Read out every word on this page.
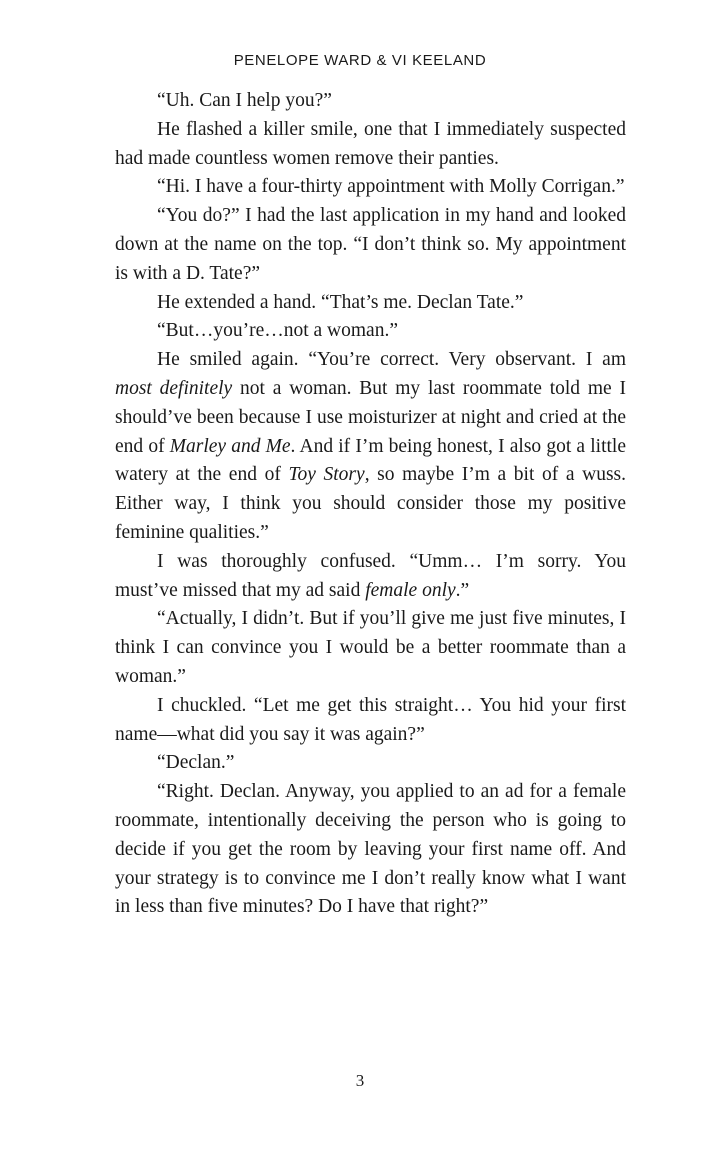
PENELOPE WARD & VI KEELAND

“Uh. Can I help you?”

He flashed a killer smile, one that I immediately suspected had made countless women remove their panties.

“Hi. I have a four-thirty appointment with Molly Corrigan.”

“You do?” I had the last application in my hand and looked down at the name on the top. “I don’t think so. My appointment is with a D. Tate?”

He extended a hand. “That’s me. Declan Tate.”

“But…you’re…not a woman.”

He smiled again. “You’re correct. Very observant. I am most definitely not a woman. But my last roommate told me I should’ve been because I use moisturizer at night and cried at the end of Marley and Me. And if I’m being honest, I also got a little watery at the end of Toy Story, so maybe I’m a bit of a wuss. Either way, I think you should consider those my positive feminine qualities.”

I was thoroughly confused. “Umm… I’m sorry. You must’ve missed that my ad said female only.”

“Actually, I didn’t. But if you’ll give me just five minutes, I think I can convince you I would be a better roommate than a woman.”

I chuckled. “Let me get this straight… You hid your first name—what did you say it was again?”

“Declan.”

“Right. Declan. Anyway, you applied to an ad for a female roommate, intentionally deceiving the person who is going to decide if you get the room by leaving your first name off. And your strategy is to convince me I don’t really know what I want in less than five minutes? Do I have that right?”

3
